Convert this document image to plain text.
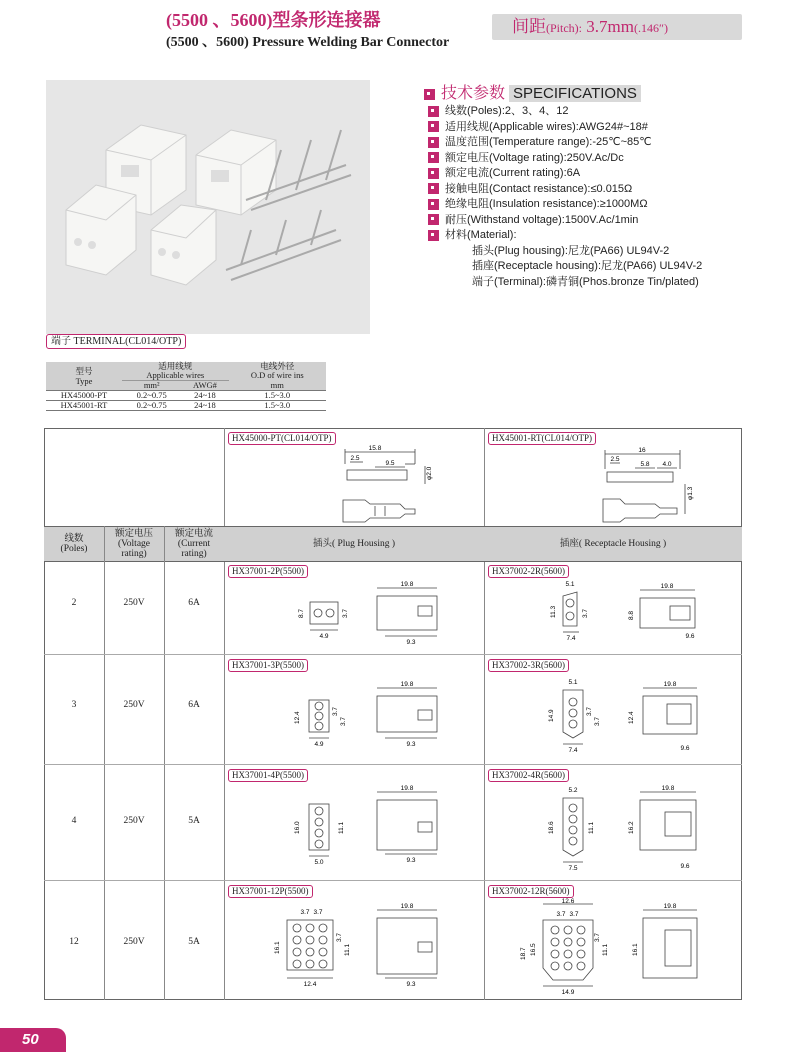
(5500 、5600)型条形连接器
(5500 、5600) Pressure Welding Bar Connector
间距(Pitch): 3.7mm(.146″)
技术参数 SPECIFICATIONS
线数(Poles):2、3、4、12
适用线规(Applicable wires):AWG24#~18#
温度范围(Temperature range):-25℃~85℃
额定电压(Voltage rating):250V.Ac/Dc
额定电流(Current rating):6A
接触电阻(Contact resistance):≤0.015Ω
绝缘电阻(Insulation resistance):≥1000MΩ
耐压(Withstand voltage):1500V.Ac/1min
材料(Material):
插头(Plug housing):尼龙(PA66) UL94V-2
插座(Receptacle housing):尼龙(PA66) UL94V-2
端子(Terminal):磷青铜(Phos.bronze Tin/plated)
端子 TERMINAL(CL014/OTP)
型号
Type	适用线规
Applicable wires		电线外径
O.D of wire ins
	mm²	AWG#	mm
HX45000-PT	0.2~0.75	24~18	1.5~3.0
HX45001-RT	0.2~0.75	24~18	1.5~3.0
HX45000-PT(CL014/OTP)	HX45001-RT(CL014/OTP)
15.8
2.5
9.5
φ2.0
16
2.5
5.8 4.0
φ1.3
线数
(Poles)
额定电压
(Voltage
rating)
额定电流
(Current
rating)
插头( Plug Housing )	插座( Receptacle Housing )
2	250V	6A
HX37001-2P(5500)	HX37002-2R(5600)
19.8
8.7	3.7
4.9
9.3
5.1	19.8
11.3	3.7	8.8
7.4	9.6
3	250V	6A
HX37001-3P(5500)	HX37002-3R(5600)
19.8
12.4	3.7
3.7
4.9	9.3
5.1	19.8
14.9	3.7
3.7	12.4
7.4	9.6
4	250V	5A
HX37001-4P(5500)	HX37002-4R(5600)
19.8
16.0	11.1
5.0	9.3
5.2	19.8
18.6	11.1	16.2
7.5	9.6
12	250V	5A
HX37001-12P(5500)	HX37002-12R(5600)
3.7 3.7
19.8
16.1
3.7
11.1
12.4	9.3
12.6
3.7 3.7
19.8
18.7 16.5
3.7
11.1	16.1
14.9
50
